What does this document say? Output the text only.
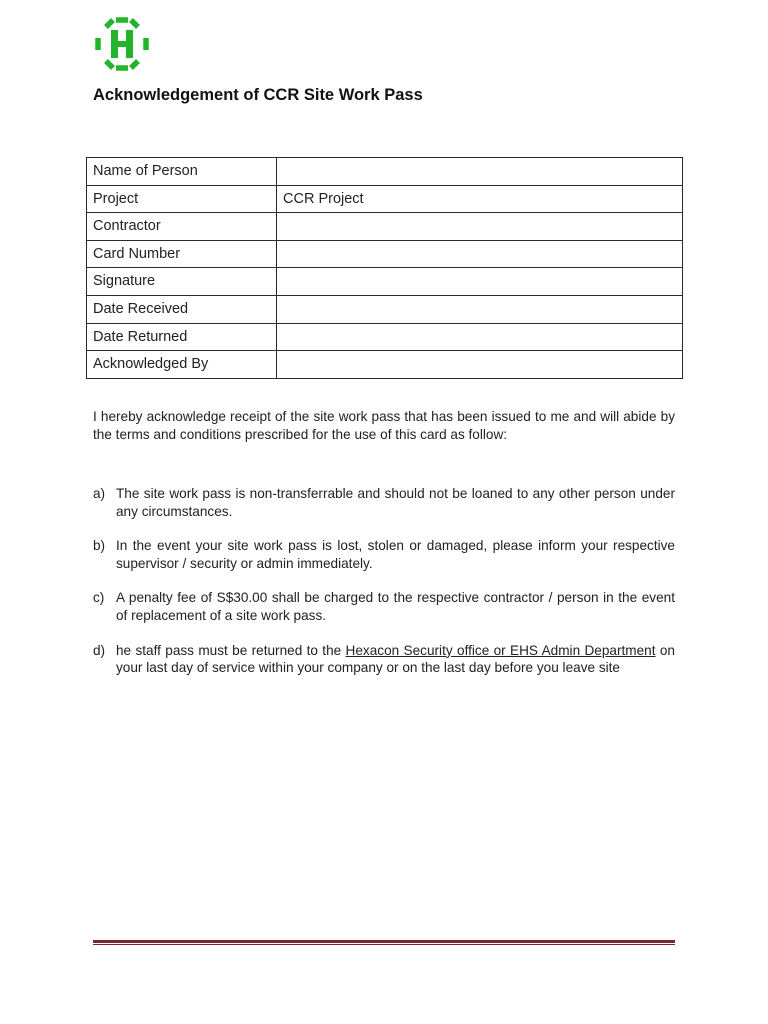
Acknowledgement of CCR Site Work Pass
Name of Person	
Project	CCR Project
Contractor	
Card Number	
Signature	
Date Received	
Date Returned	
Acknowledged By	

I hereby acknowledge receipt of the site work pass that has been issued to me and will abide by the terms and conditions prescribed for the use of this card as follow:

a) The site work pass is non-transferrable and should not be loaned to any other person under any circumstances.
b) In the event your site work pass is lost, stolen or damaged, please inform your respective supervisor / security or admin immediately.
c) A penalty fee of S$30.00 shall be charged to the respective contractor / person in the event of replacement of a site work pass.
d) he staff pass must be returned to the Hexacon Security office or EHS Admin Department on your last day of service within your company or on the last day before you leave site
